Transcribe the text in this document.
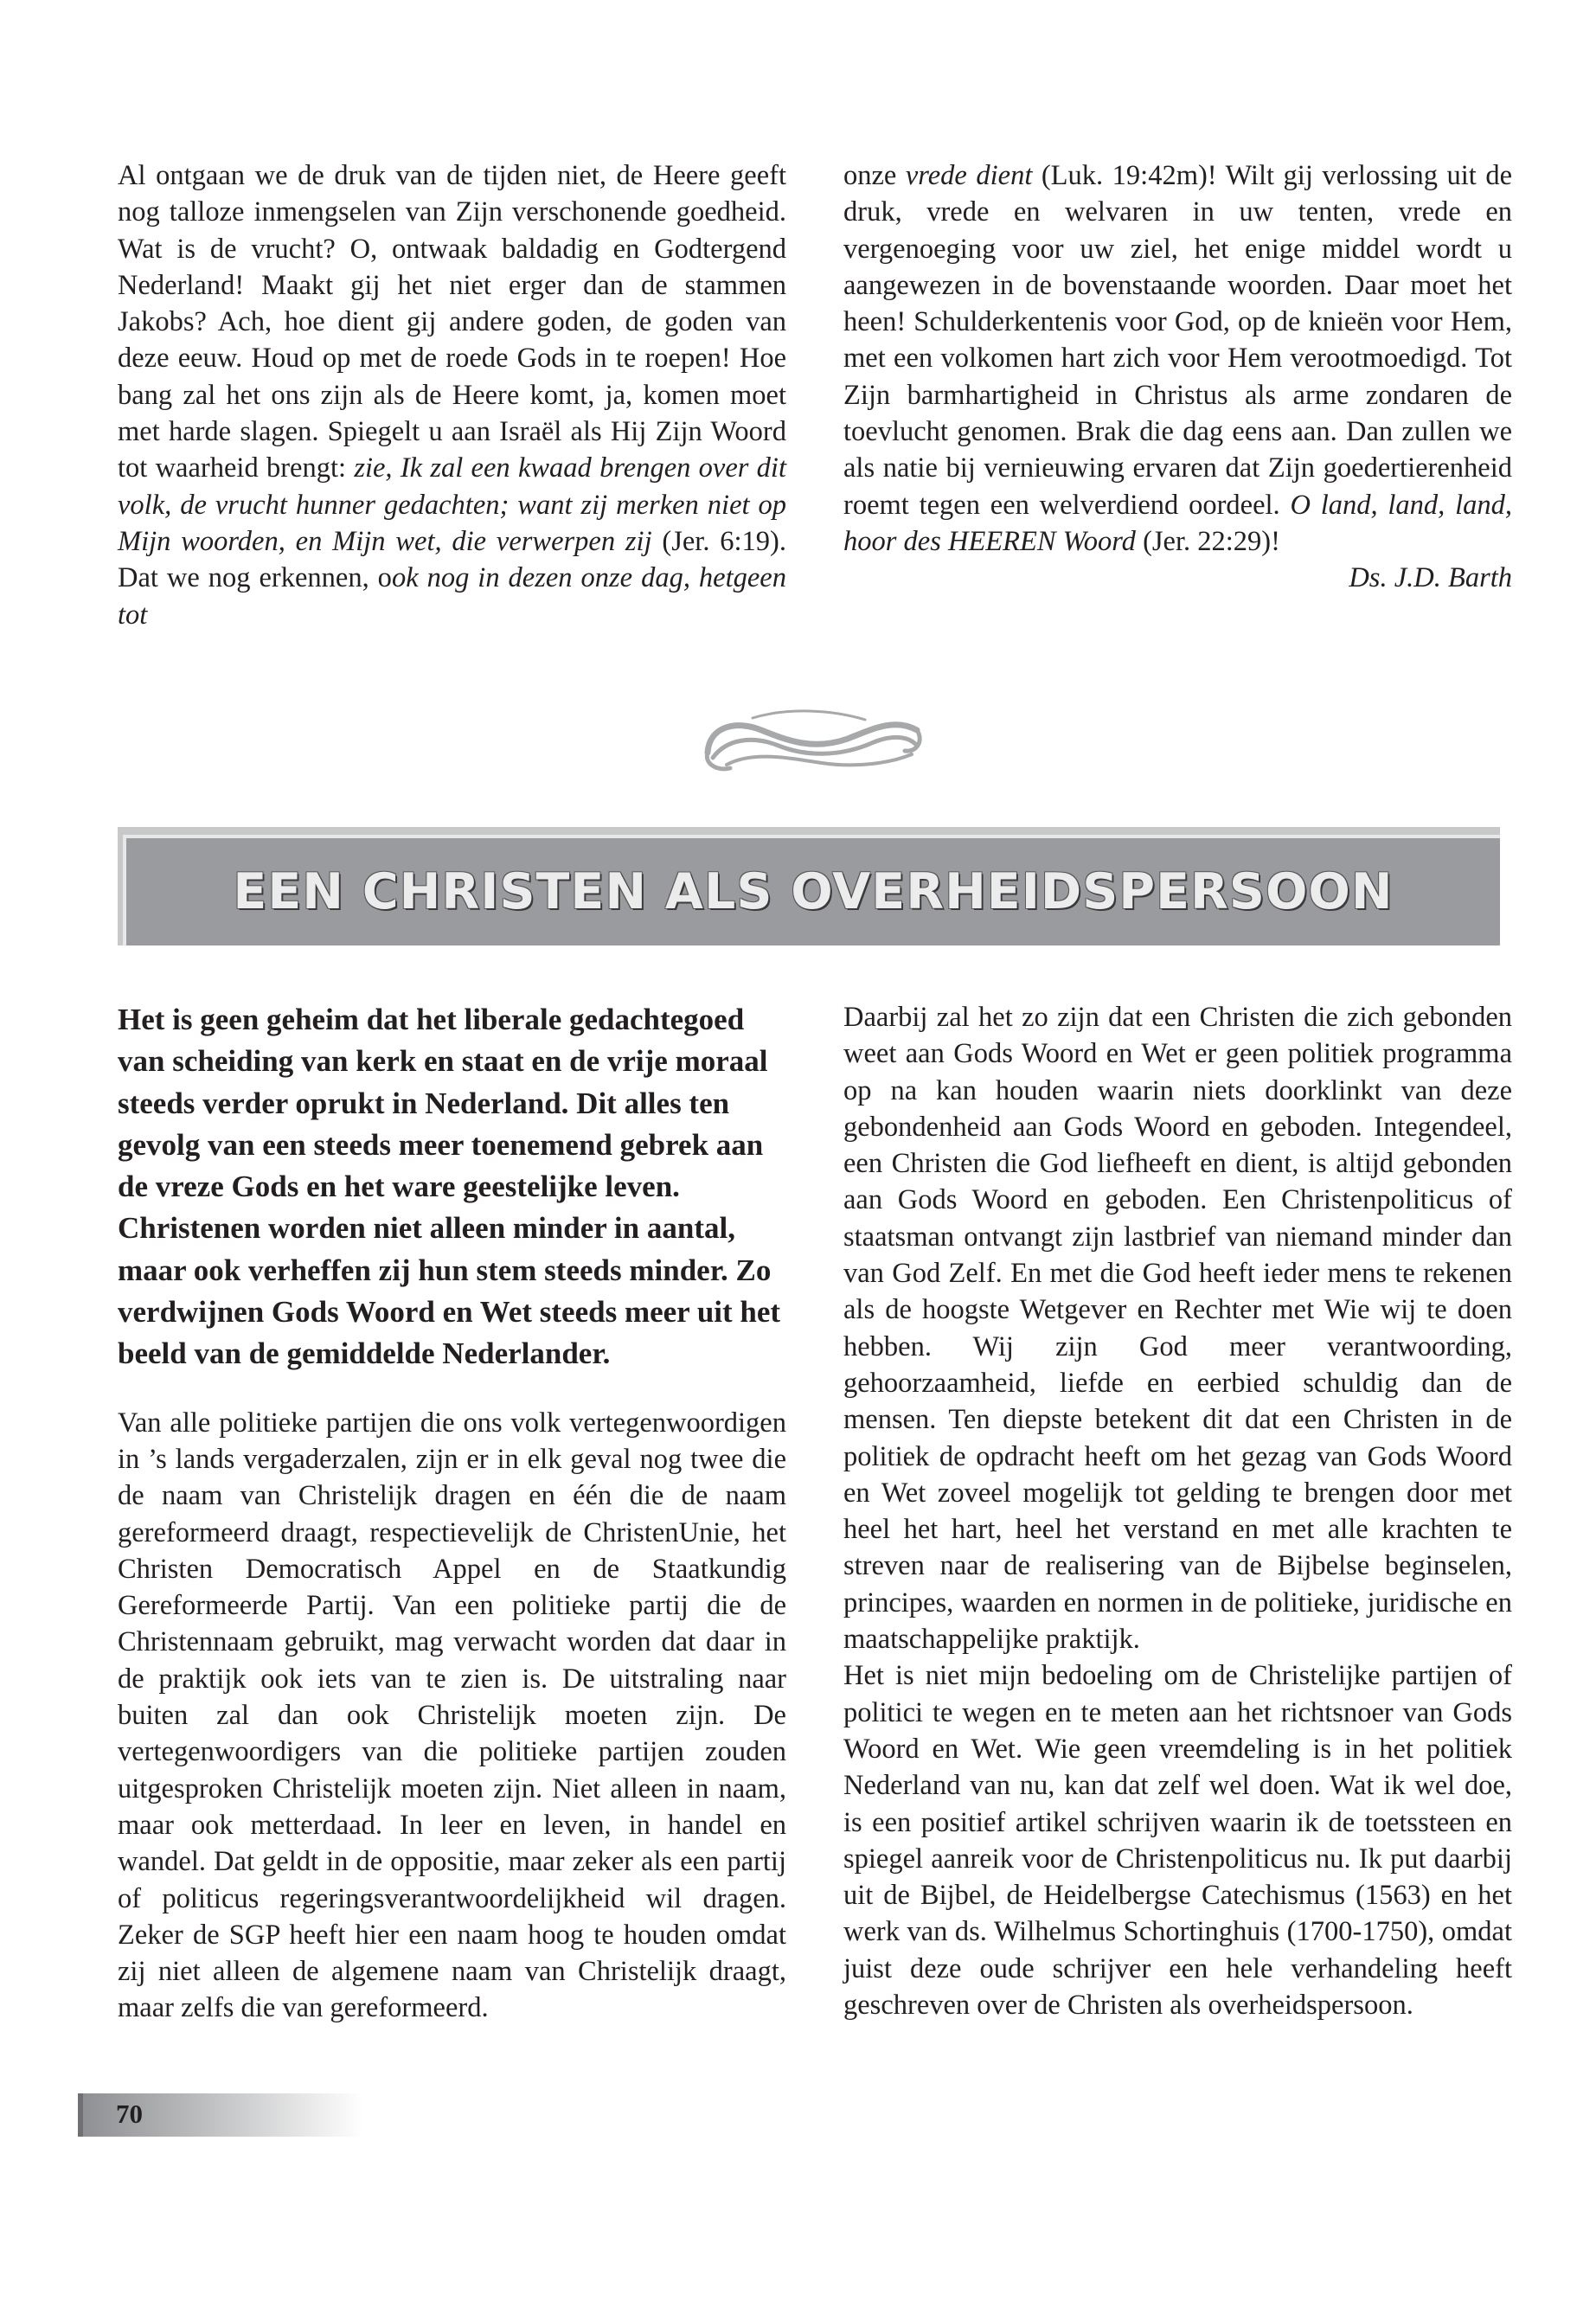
Al ontgaan we de druk van de tijden niet, de Heere geeft nog talloze inmengselen van Zijn verschonende goedheid. Wat is de vrucht? O, ontwaak baldadig en Godtergend Nederland! Maakt gij het niet erger dan de stammen Jakobs? Ach, hoe dient gij andere goden, de goden van deze eeuw. Houd op met de roede Gods in te roepen! Hoe bang zal het ons zijn als de Heere komt, ja, komen moet met harde slagen. Spiegelt u aan Israël als Hij Zijn Woord tot waarheid brengt: zie, Ik zal een kwaad brengen over dit volk, de vrucht hunner gedachten; want zij merken niet op Mijn woorden, en Mijn wet, die verwerpen zij (Jer. 6:19). Dat we nog erkennen, ook nog in dezen onze dag, hetgeen tot

onze vrede dient (Luk. 19:42m)! Wilt gij verlossing uit de druk, vrede en welvaren in uw tenten, vrede en vergenoeging voor uw ziel, het enige middel wordt u aangewezen in de bovenstaande woorden. Daar moet het heen! Schulderkentenis voor God, op de knieën voor Hem, met een volkomen hart zich voor Hem verootmoedigd. Tot Zijn barmhartigheid in Christus als arme zondaren de toevlucht genomen. Brak die dag eens aan. Dan zullen we als natie bij vernieuwing ervaren dat Zijn goedertierenheid roemt tegen een welverdiend oordeel. O land, land, land, hoor des HEEREN Woord (Jer. 22:29)!

Ds. J.D. Barth

EEN CHRISTEN ALS OVERHEIDSPERSOON

Het is geen geheim dat het liberale gedachtegoed van scheiding van kerk en staat en de vrije moraal steeds verder oprukt in Nederland. Dit alles ten gevolg van een steeds meer toenemend gebrek aan de vreze Gods en het ware geestelijke leven. Christenen worden niet alleen minder in aantal, maar ook verheffen zij hun stem steeds minder. Zo verdwijnen Gods Woord en Wet steeds meer uit het beeld van de gemiddelde Nederlander.

Van alle politieke partijen die ons volk vertegenwoordigen in ’s lands vergaderzalen, zijn er in elk geval nog twee die de naam van Christelijk dragen en één die de naam gereformeerd draagt, respectievelijk de ChristenUnie, het Christen Democratisch Appel en de Staatkundig Gereformeerde Partij. Van een politieke partij die de Christennaam gebruikt, mag verwacht worden dat daar in de praktijk ook iets van te zien is. De uitstraling naar buiten zal dan ook Christelijk moeten zijn. De vertegenwoordigers van die politieke partijen zouden uitgesproken Christelijk moeten zijn. Niet alleen in naam, maar ook metterdaad. In leer en leven, in handel en wandel. Dat geldt in de oppositie, maar zeker als een partij of politicus regeringsverantwoordelijkheid wil dragen. Zeker de SGP heeft hier een naam hoog te houden omdat zij niet alleen de algemene naam van Christelijk draagt, maar zelfs die van gereformeerd.

Daarbij zal het zo zijn dat een Christen die zich gebonden weet aan Gods Woord en Wet er geen politiek programma op na kan houden waarin niets doorklinkt van deze gebondenheid aan Gods Woord en geboden. Integendeel, een Christen die God liefheeft en dient, is altijd gebonden aan Gods Woord en geboden. Een Christenpoliticus of staatsman ontvangt zijn lastbrief van niemand minder dan van God Zelf. En met die God heeft ieder mens te rekenen als de hoogste Wetgever en Rechter met Wie wij te doen hebben. Wij zijn God meer verantwoording, gehoorzaamheid, liefde en eerbied schuldig dan de mensen. Ten diepste betekent dit dat een Christen in de politiek de opdracht heeft om het gezag van Gods Woord en Wet zoveel mogelijk tot gelding te brengen door met heel het hart, heel het verstand en met alle krachten te streven naar de realisering van de Bijbelse beginselen, principes, waarden en normen in de politieke, juridische en maatschappelijke praktijk.

Het is niet mijn bedoeling om de Christelijke partijen of politici te wegen en te meten aan het richtsnoer van Gods Woord en Wet. Wie geen vreemdeling is in het politiek Nederland van nu, kan dat zelf wel doen. Wat ik wel doe, is een positief artikel schrijven waarin ik de toetssteen en spiegel aanreik voor de Christenpoliticus nu. Ik put daarbij uit de Bijbel, de Heidelbergse Catechismus (1563) en het werk van ds. Wilhelmus Schortinghuis (1700-1750), omdat juist deze oude schrijver een hele verhandeling heeft geschreven over de Christen als overheidspersoon.

70
